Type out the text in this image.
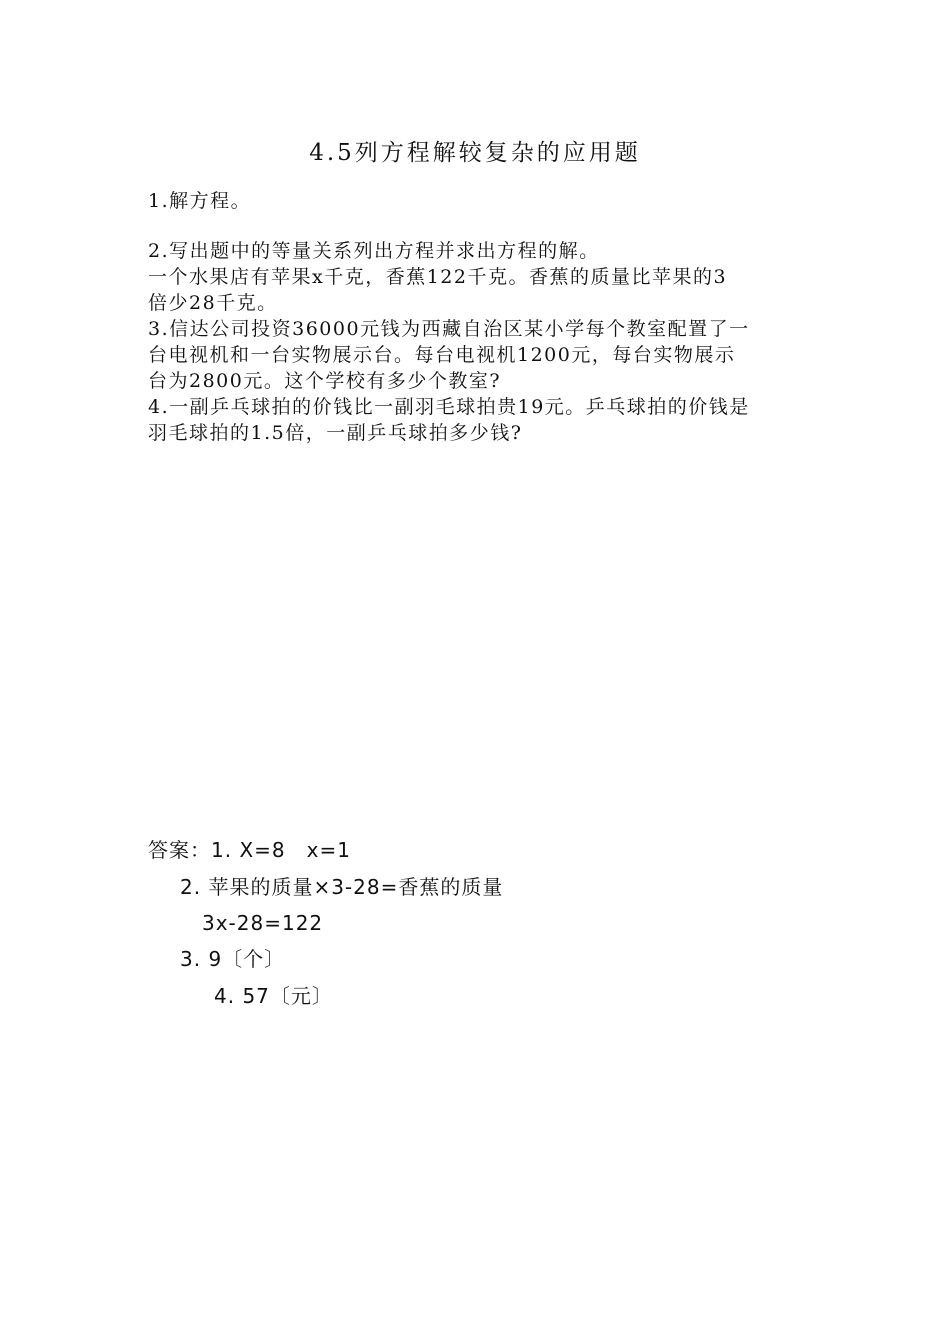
4.5列方程解较复杂的应用题
1.解方程。
2.写出题中的等量关系列出方程并求出方程的解。
一个水果店有苹果x千克，香蕉122千克。香蕉的质量比苹果的3
倍少28千克。
3.信达公司投资36000元钱为西藏自治区某小学每个教室配置了一
台电视机和一台实物展示台。每台电视机1200元，每台实物展示
台为2800元。这个学校有多少个教室?
4.一副乒乓球拍的价钱比一副羽毛球拍贵19元。乒乓球拍的价钱是
羽毛球拍的1.5倍，一副乒乓球拍多少钱?
答案：1. X=8　x=1
2. 苹果的质量×3-28=香蕉的质量
3x-28=122
3. 9〔个〕
4. 57〔元〕
